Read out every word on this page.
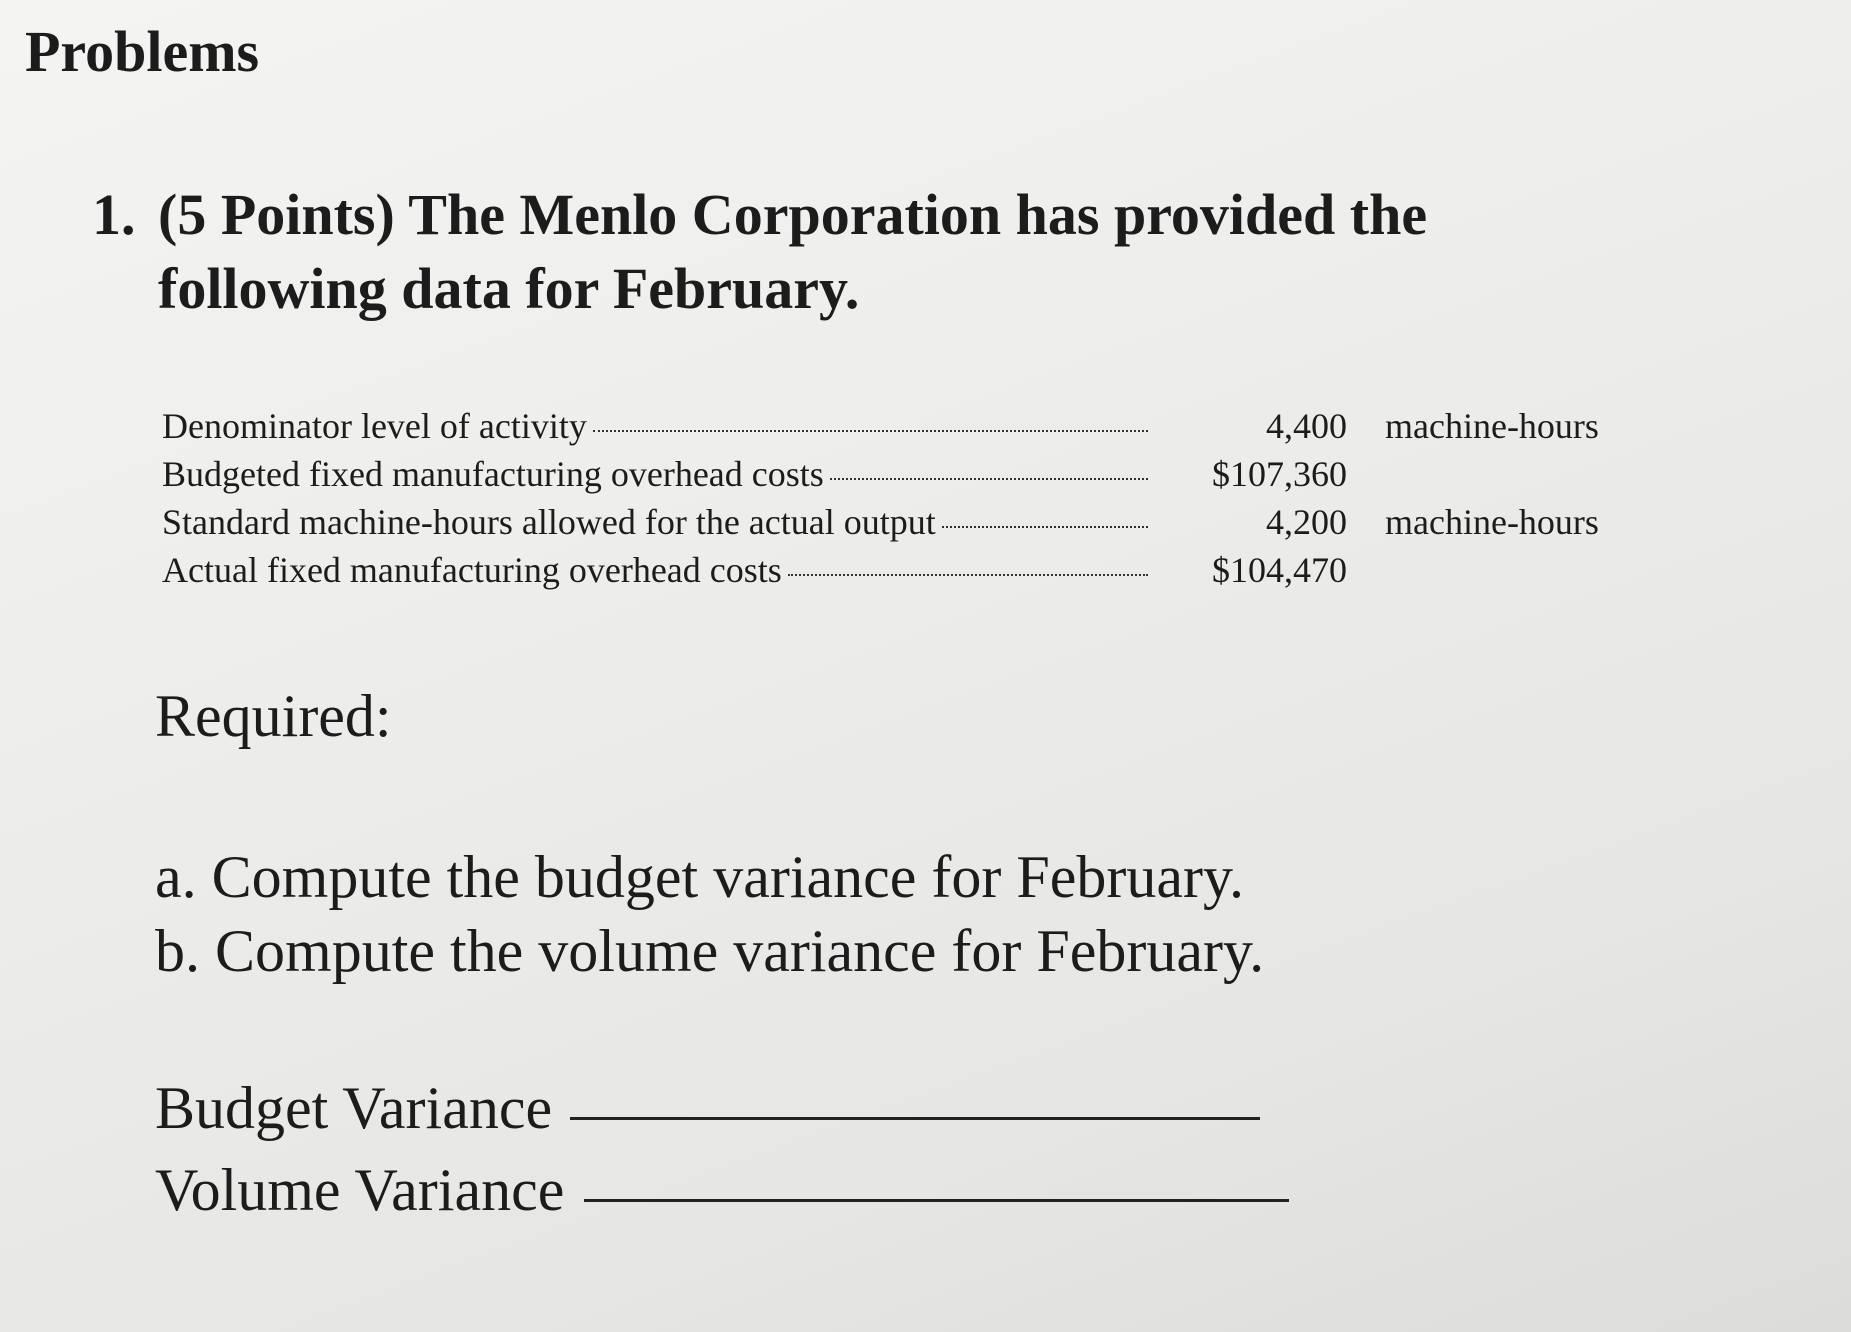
Problems
1. (5 Points) The Menlo Corporation has provided the
following data for February.
Denominator level of activity	4,400	machine-hours

Budgeted fixed manufacturing overhead costs	$107,360	

Standard machine-hours allowed for the actual output	4,200	machine-hours

Actual fixed manufacturing overhead costs	$104,470	
Required:
a. Compute the budget variance for February.
b. Compute the volume variance for February.
Budget Variance
Volume Variance
